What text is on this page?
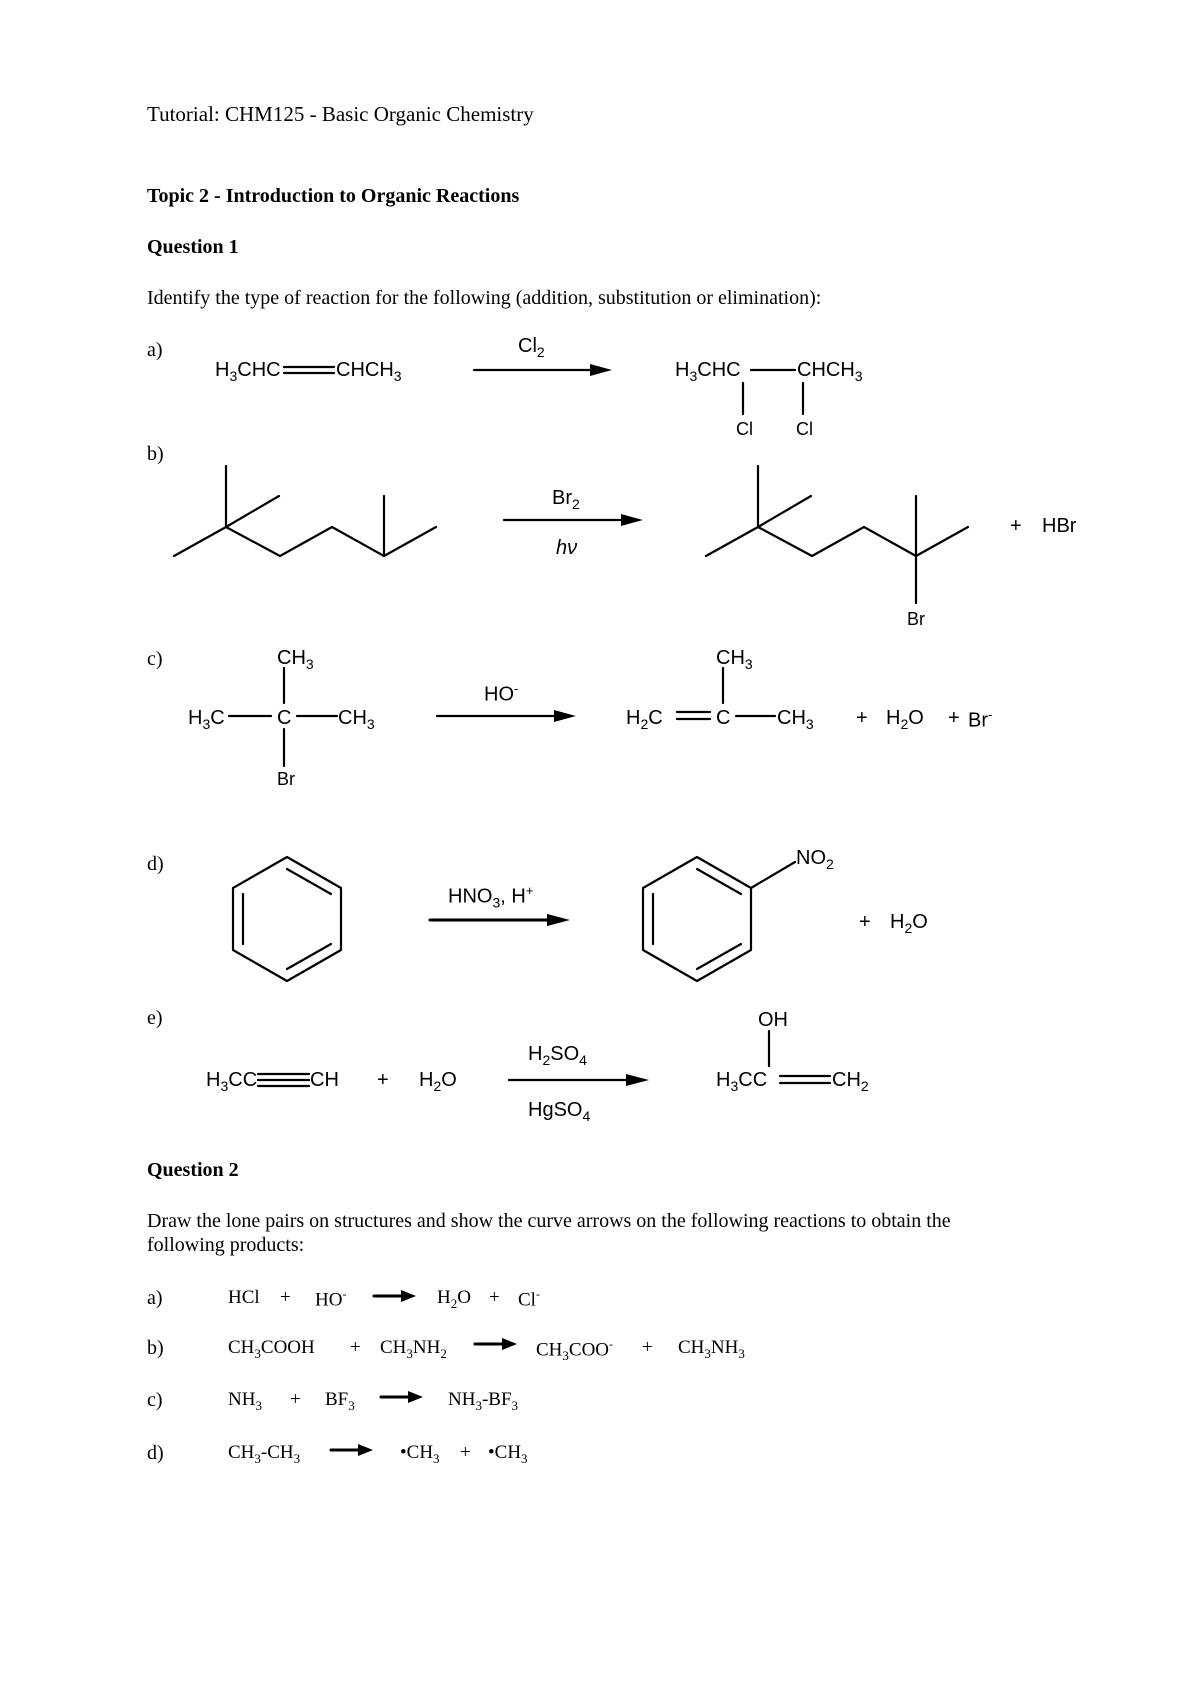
Tutorial: CHM125 - Basic Organic Chemistry
Topic 2 - Introduction to Organic Reactions
Question 1
Identify the type of reaction for the following (addition, substitution or elimination):
a)	$Cl_2$
$H_3CHC$	$CHCH_3$	$H_3CHC$	$CHCH_3$
Cl Cl
b)
$Br_2$
hν
Br
+ HBr
c)	$CH_3$
$H_3C$	C $CH_3$
Br
HO-
$CH_3$
$H_2C$	C $CH_3 + H_2O + Br^-$
d)
$HNO_3$, H+
$NO_2$
+ $H_2O$
e)
$H_3CC$	CH + $H_2O$
$H_2SO_4$
HgSO$_4$
OH
$H_3CC$	$CH_2$
Question 2
Draw the lone pairs on structures and show the curve arrows on the following reactions to obtain the
following products:
a)	HCl + HO-	$H_2O + Cl^-$
b)	$CH_3COOH + CH_3NH_2$	$CH_3COO^- + CH_3NH_3$
c)	$NH_3 + BF_3$	$NH_3-BF_3$
d)	$CH_3-CH_3$	$•CH_3$ + $•CH_3$
